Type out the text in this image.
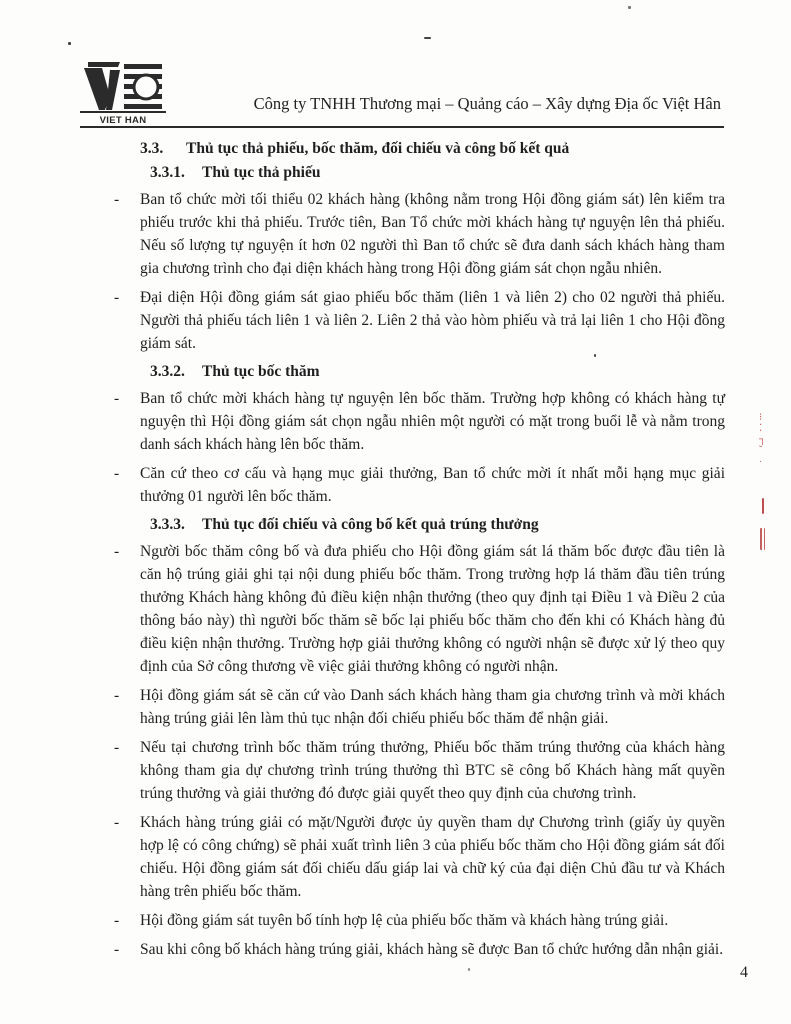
⁝
⁚
┐
ˇ
∙
VIET HAN
Công ty TNHH Thương mại – Quảng cáo – Xây dựng Địa ốc Việt Hân
3.3. Thủ tục thả phiếu, bốc thăm, đối chiếu và công bố kết quả
3.3.1. Thủ tục thả phiếu
- Ban tổ chức mời tối thiểu 02 khách hàng (không nằm trong Hội đồng giám sát) lên kiểm tra phiếu trước khi thả phiếu. Trước tiên, Ban Tổ chức mời khách hàng tự nguyện lên thả phiếu. Nếu số lượng tự nguyện ít hơn 02 người thì Ban tổ chức sẽ đưa danh sách khách hàng tham gia chương trình cho đại diện khách hàng trong Hội đồng giám sát chọn ngẫu nhiên.
- Đại diện Hội đồng giám sát giao phiếu bốc thăm (liên 1 và liên 2) cho 02 người thả phiếu. Người thả phiếu tách liên 1 và liên 2. Liên 2 thả vào hòm phiếu và trả lại liên 1 cho Hội đồng giám sát.
3.3.2. Thủ tục bốc thăm
- Ban tổ chức mời khách hàng tự nguyện lên bốc thăm. Trường hợp không có khách hàng tự nguyện thì Hội đồng giám sát chọn ngẫu nhiên một người có mặt trong buổi lễ và nằm trong danh sách khách hàng lên bốc thăm.
- Căn cứ theo cơ cấu và hạng mục giải thưởng, Ban tổ chức mời ít nhất mỗi hạng mục giải thưởng 01 người lên bốc thăm.
3.3.3. Thủ tục đối chiếu và công bố kết quả trúng thưởng
- Người bốc thăm công bố và đưa phiếu cho Hội đồng giám sát lá thăm bốc được đầu tiên là căn hộ trúng giải ghi tại nội dung phiếu bốc thăm. Trong trường hợp lá thăm đầu tiên trúng thưởng Khách hàng không đủ điều kiện nhận thưởng (theo quy định tại Điều 1 và Điều 2 của thông báo này) thì người bốc thăm sẽ bốc lại phiếu bốc thăm cho đến khi có Khách hàng đủ điều kiện nhận thưởng. Trường hợp giải thưởng không có người nhận sẽ được xử lý theo quy định của Sở công thương về việc giải thưởng không có người nhận.
- Hội đồng giám sát sẽ căn cứ vào Danh sách khách hàng tham gia chương trình và mời khách hàng trúng giải lên làm thủ tục nhận đối chiếu phiếu bốc thăm để nhận giải.
- Nếu tại chương trình bốc thăm trúng thưởng, Phiếu bốc thăm trúng thưởng của khách hàng không tham gia dự chương trình trúng thưởng thì BTC sẽ công bố Khách hàng mất quyền trúng thưởng và giải thưởng đó được giải quyết theo quy định của chương trình.
- Khách hàng trúng giải có mặt/Người được ủy quyền tham dự Chương trình (giấy ủy quyền hợp lệ có công chứng) sẽ phải xuất trình liên 3 của phiếu bốc thăm cho Hội đồng giám sát đối chiếu. Hội đồng giám sát đối chiếu dấu giáp lai và chữ ký của đại diện Chủ đầu tư và Khách hàng trên phiếu bốc thăm.
- Hội đồng giám sát tuyên bố tính hợp lệ của phiếu bốc thăm và khách hàng trúng giải.
- Sau khi công bố khách hàng trúng giải, khách hàng sẽ được Ban tổ chức hướng dẫn nhận giải.
4
